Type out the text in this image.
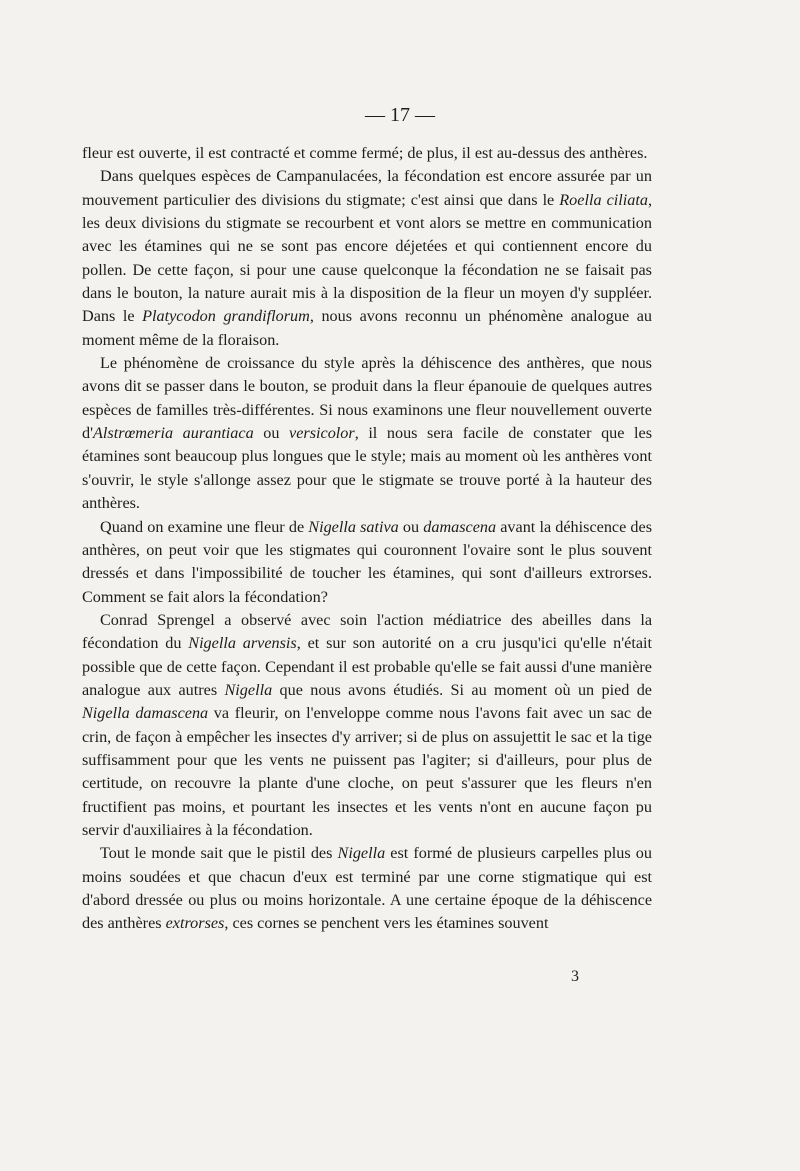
— 17 —

fleur est ouverte, il est contracté et comme fermé; de plus, il est au-dessus des anthères.

Dans quelques espèces de Campanulacées, la fécondation est encore assurée par un mouvement particulier des divisions du stigmate; c'est ainsi que dans le Roella ciliata, les deux divisions du stigmate se recourbent et vont alors se mettre en communication avec les étamines qui ne se sont pas encore déjetées et qui contiennent encore du pollen. De cette façon, si pour une cause quelconque la fécondation ne se faisait pas dans le bouton, la nature aurait mis à la disposition de la fleur un moyen d'y suppléer. Dans le Platycodon grandiflorum, nous avons reconnu un phénomène analogue au moment même de la floraison.

Le phénomène de croissance du style après la déhiscence des anthères, que nous avons dit se passer dans le bouton, se produit dans la fleur épanouie de quelques autres espèces de familles très-différentes. Si nous examinons une fleur nouvellement ouverte d'Alstrœmeria aurantiaca ou versicolor, il nous sera facile de constater que les étamines sont beaucoup plus longues que le style; mais au moment où les anthères vont s'ouvrir, le style s'allonge assez pour que le stigmate se trouve porté à la hauteur des anthères.

Quand on examine une fleur de Nigella sativa ou damascena avant la déhiscence des anthères, on peut voir que les stigmates qui couronnent l'ovaire sont le plus souvent dressés et dans l'impossibilité de toucher les étamines, qui sont d'ailleurs extrorses. Comment se fait alors la fécondation?

Conrad Sprengel a observé avec soin l'action médiatrice des abeilles dans la fécondation du Nigella arvensis, et sur son autorité on a cru jusqu'ici qu'elle n'était possible que de cette façon. Cependant il est probable qu'elle se fait aussi d'une manière analogue aux autres Nigella que nous avons étudiés. Si au moment où un pied de Nigella damascena va fleurir, on l'enveloppe comme nous l'avons fait avec un sac de crin, de façon à empêcher les insectes d'y arriver; si de plus on assujettit le sac et la tige suffisamment pour que les vents ne puissent pas l'agiter; si d'ailleurs, pour plus de certitude, on recouvre la plante d'une cloche, on peut s'assurer que les fleurs n'en fructifient pas moins, et pourtant les insectes et les vents n'ont en aucune façon pu servir d'auxiliaires à la fécondation.

Tout le monde sait que le pistil des Nigella est formé de plusieurs carpelles plus ou moins soudées et que chacun d'eux est terminé par une corne stigmatique qui est d'abord dressée ou plus ou moins horizontale. A une certaine époque de la déhiscence des anthères extrorses, ces cornes se penchent vers les étamines souvent

3
